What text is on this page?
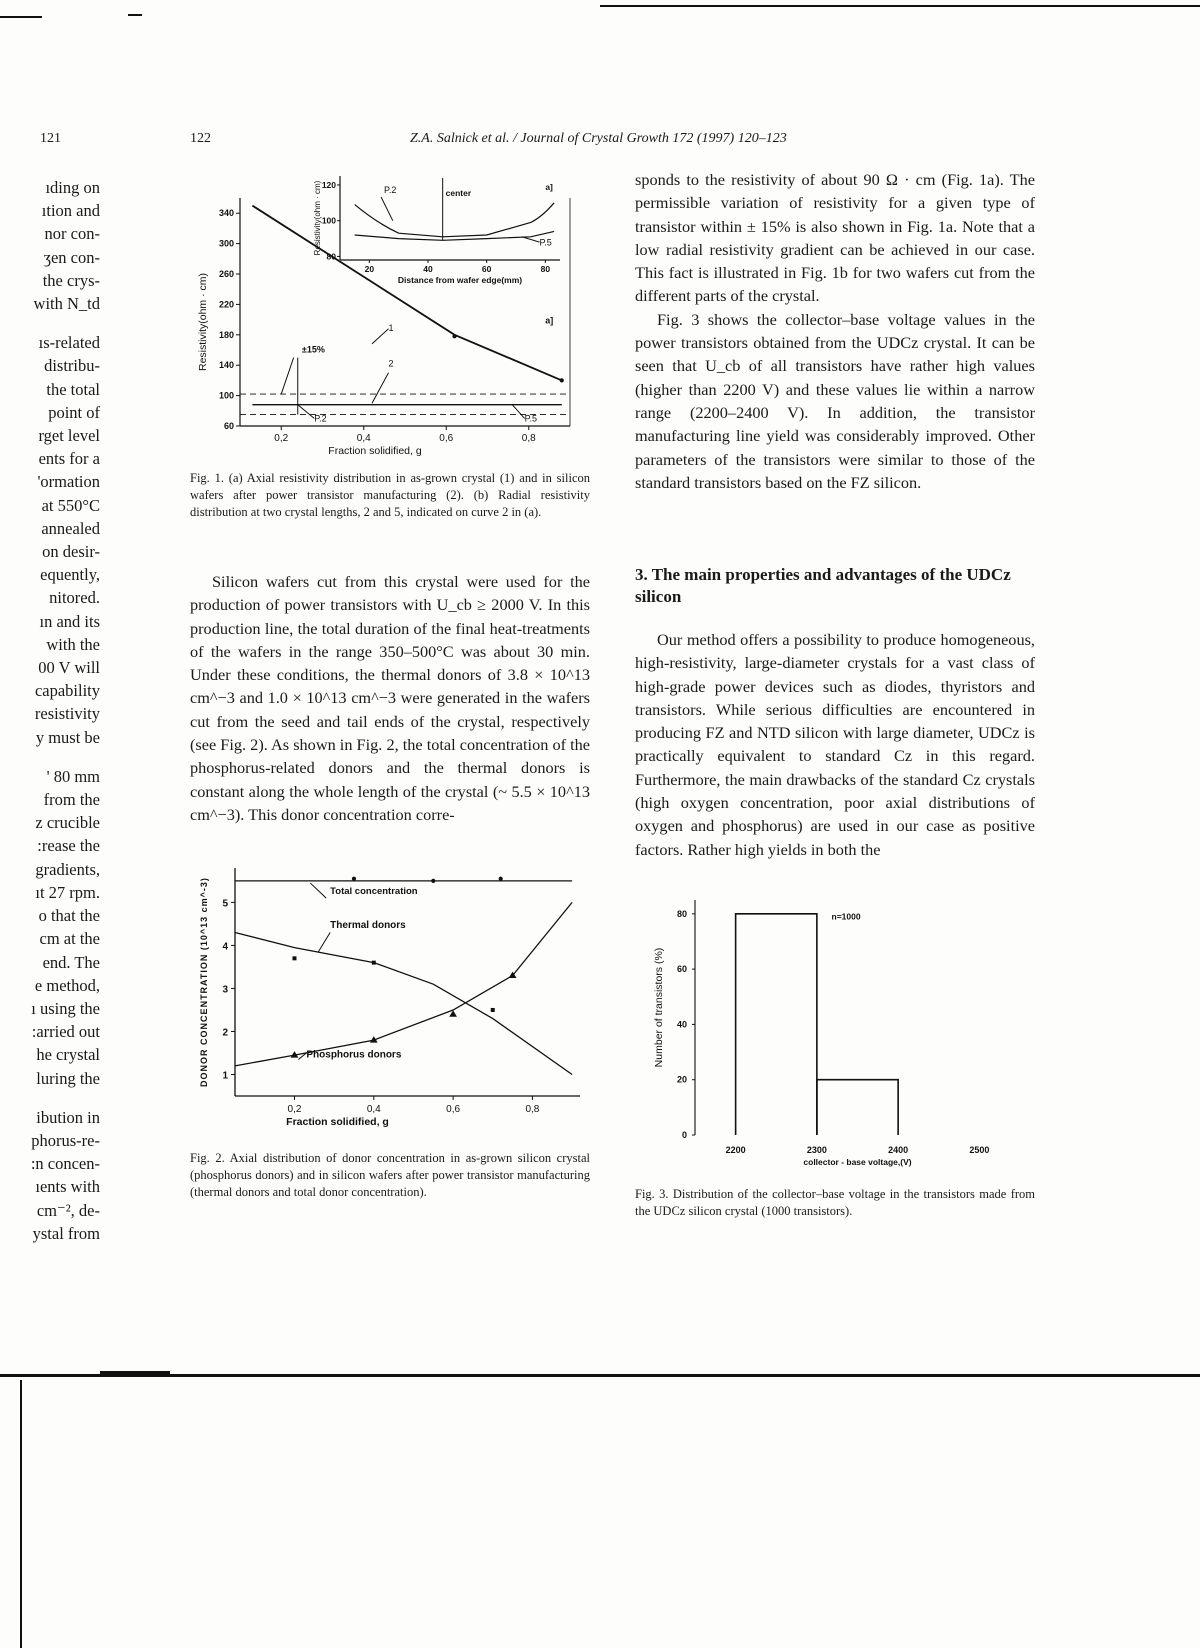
121	122	Z.A. Salnick et al. / Journal of Crystal Growth 172 (1997) 120–123
ıding on
ıtion and
nor con-
ʒen con-
the crys-
with N_td
ıs-related
distribu-
the total
point of
rget level
ents for a
'ormation
at 550°C
annealed
on desir-
equently,
nitored.
ın and its
with the
00 V will
capability
resistivity
y must be
' 80 mm
from the
z crucible
:rease the
gradients,
ıt 27 rpm.
o that the
cm at the
end. The
e method,
ı using the
:arried out
he crystal
luring the
ibution in
phorus-re-
:n concen-
ıents with
cm⁻², de-
ystal from
60
100
140
180
220
260
300
340
0,2	0,4	0,6	0,8
Fraction solidified, g
Resistivity(ohm · cm)	±15%
1
2
P.2	P.5
a]
80
100
120
20	40	60	80
Distance from wafer edge(mm)
Resistivity(ohm · cm)	center
P.2
P.5
a]
Fig. 1. (a) Axial resistivity distribution in as-grown crystal (1) and in silicon wafers after power transistor manufacturing (2). (b) Radial resistivity distribution at two crystal lengths, 2 and 5, indicated on curve 2 in (a).

Silicon wafers cut from this crystal were used for the production of power transistors with U_cb ≥ 2000 V. In this production line, the total duration of the final heat-treatments of the wafers in the range 350–500°C was about 30 min. Under these conditions, the thermal donors of 3.8 × 10^13 cm^−3 and 1.0 × 10^13 cm^−3 were generated in the wafers cut from the seed and tail ends of the crystal, respectively (see Fig. 2). As shown in Fig. 2, the total concentration of the phosphorus-related donors and the thermal donors is constant along the whole length of the crystal (~ 5.5 × 10^13 cm^−3). This donor concentration corre-

1
2
3
4
5
0,2	0,4	0,6	0,8
Fraction solidified, g
DONOR CONCENTRATION (10^13 cm^-3)	Total concentration
Thermal donors
Phosphorus donors
Fig. 2. Axial distribution of donor concentration in as-grown silicon crystal (phosphorus donors) and in silicon wafers after power transistor manufacturing (thermal donors and total donor concentration).

sponds to the resistivity of about 90 Ω · cm (Fig. 1a). The permissible variation of resistivity for a given type of transistor within ± 15% is also shown in Fig. 1a. Note that a low radial resistivity gradient can be achieved in our case. This fact is illustrated in Fig. 1b for two wafers cut from the different parts of the crystal.

Fig. 3 shows the collector–base voltage values in the power transistors obtained from the UDCz crystal. It can be seen that U_cb of all transistors have rather high values (higher than 2200 V) and these values lie within a narrow range (2200–2400 V). In addition, the transistor manufacturing line yield was considerably improved. Other parameters of the transistors were similar to those of the standard transistors based on the FZ silicon.

3. The main properties and advantages of the UDCz silicon

Our method offers a possibility to produce homogeneous, high-resistivity, large-diameter crystals for a vast class of high-grade power devices such as diodes, thyristors and transistors. While serious difficulties are encountered in producing FZ and NTD silicon with large diameter, UDCz is practically equivalent to standard Cz in this regard. Furthermore, the main drawbacks of the standard Cz crystals (high oxygen concentration, poor axial distributions of oxygen and phosphorus) are used in our case as positive factors. Rather high yields in both the

0
20
40
60
80
2200	2300	2400	2500
collector - base voltage,(V)
Number of transistors (%)
n=1000
Fig. 3. Distribution of the collector–base voltage in the transistors made from the UDCz silicon crystal (1000 transistors).
